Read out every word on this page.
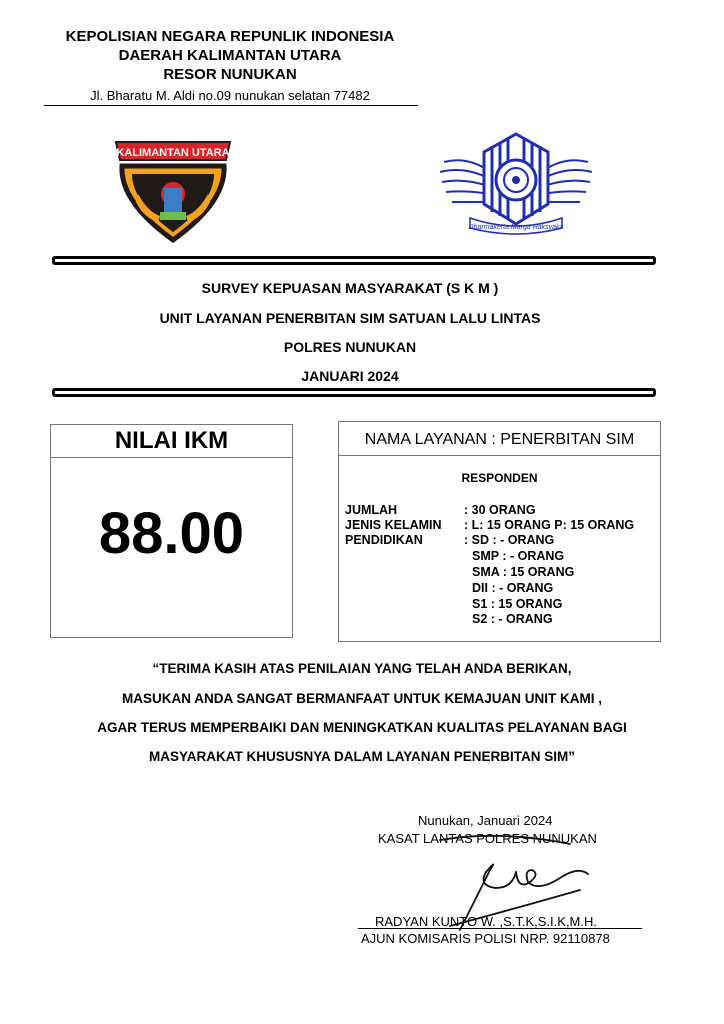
KEPOLISIAN NEGARA REPUNLIK INDONESIA
DAERAH KALIMANTAN UTARA
RESOR NUNUKAN
Jl. Bharatu M. Aldi no.09 nunukan selatan 77482
KALIMANTAN UTARA
Dharmakerta Marga Raksyaka
SURVEY KEPUASAN MASYARAKAT (S K M )
UNIT LAYANAN PENERBITAN SIM SATUAN LALU LINTAS
POLRES NUNUKAN
JANUARI 2024
NILAI IKM
88.00
NAMA LAYANAN : PENERBITAN SIM
RESPONDEN
JUMLAH	: 30 ORANG
JENIS KELAMIN : L: 15 ORANG P: 15 ORANG
PENDIDIKAN	: SD : - ORANG
SMP : - ORANG
SMA : 15 ORANG
DII : - ORANG
S1 : 15 ORANG
S2 : - ORANG
“TERIMA KASIH ATAS PENILAIAN YANG TELAH ANDA BERIKAN,
MASUKAN ANDA SANGAT BERMANFAAT UNTUK KEMAJUAN UNIT KAMI ,
AGAR TERUS MEMPERBAIKI DAN MENINGKATKAN KUALITAS PELAYANAN BAGI
MASYARAKAT KHUSUSNYA DALAM LAYANAN PENERBITAN SIM”
Nunukan, Januari 2024
KASAT LANTAS POLRES NUNUKAN
RADYAN KUNTO W. ,S.T.K,S.I.K,M.H.
AJUN KOMISARIS POLISI NRP. 92110878
